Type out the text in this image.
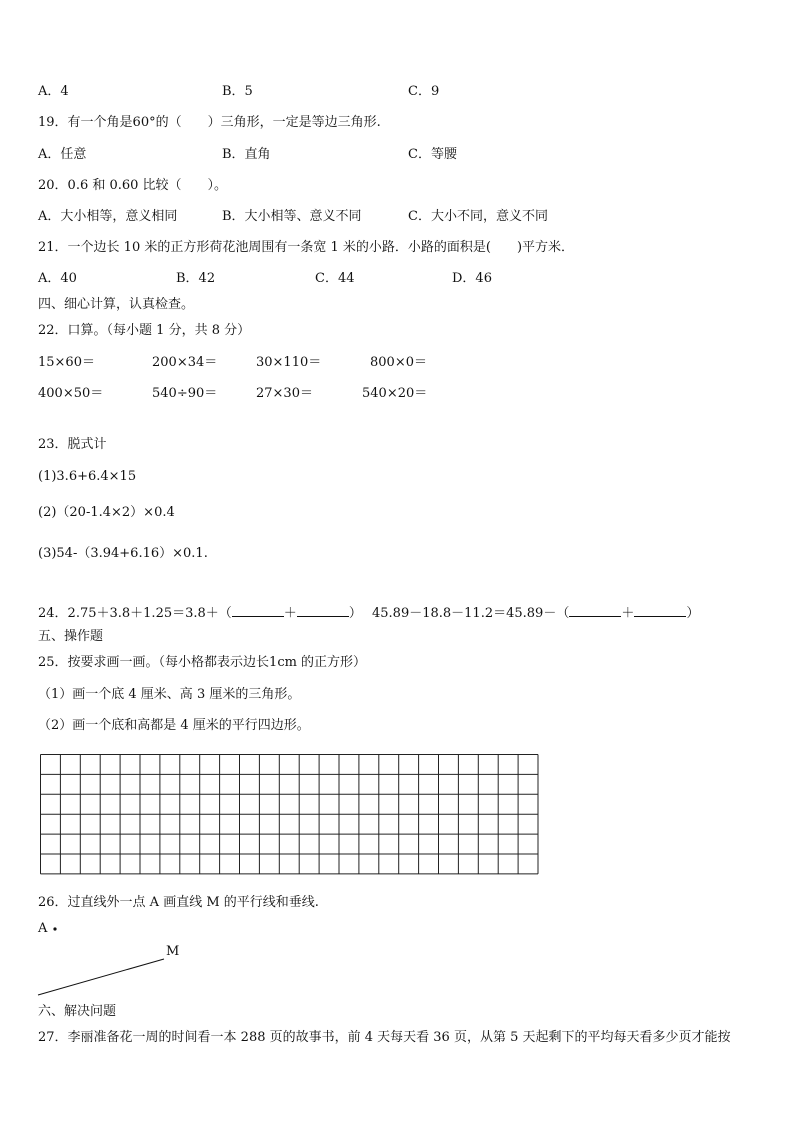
A．4	B．5	C．9
19．有一个角是60°的（　　）三角形，一定是等边三角形.
A．任意	B．直角	C．等腰
20．0.6 和 0.60 比较（　　）。
A．大小相等，意义相同	B．大小相等、意义不同	C．大小不同，意义不同
21．一个边长 10 米的正方形荷花池周围有一条宽 1 米的小路．小路的面积是(　　)平方米．
A．40	B．42	C．44	D．46
四、细心计算，认真检查。
22．口算。（每小题 1 分，共 8 分）
15×60＝	200×34＝	30×110＝	800×0＝
400×50＝	540÷90＝	27×30＝	540×20＝
23．脱式计
(1)3.6+6.4×15
(2)（20-1.4×2）×0.4
(3)54-（3.94+6.16）×0.1.
24．2.75＋3.8＋1.25＝3.8＋（	＋	） 45.89－18.8－11.2＝45.89－（	＋	）
五、操作题
25．按要求画一画。（每小格都表示边长1cm 的正方形）
（1）画一个底 4 厘米、高 3 厘米的三角形。
（2）画一个底和高都是 4 厘米的平行四边形。
26．过直线外一点 A 画直线 M 的平行线和垂线.
A
M
六、解决问题
27．李丽准备花一周的时间看一本 288 页的故事书，前 4 天每天看 36 页，从第 5 天起剩下的平均每天看多少页才能按
